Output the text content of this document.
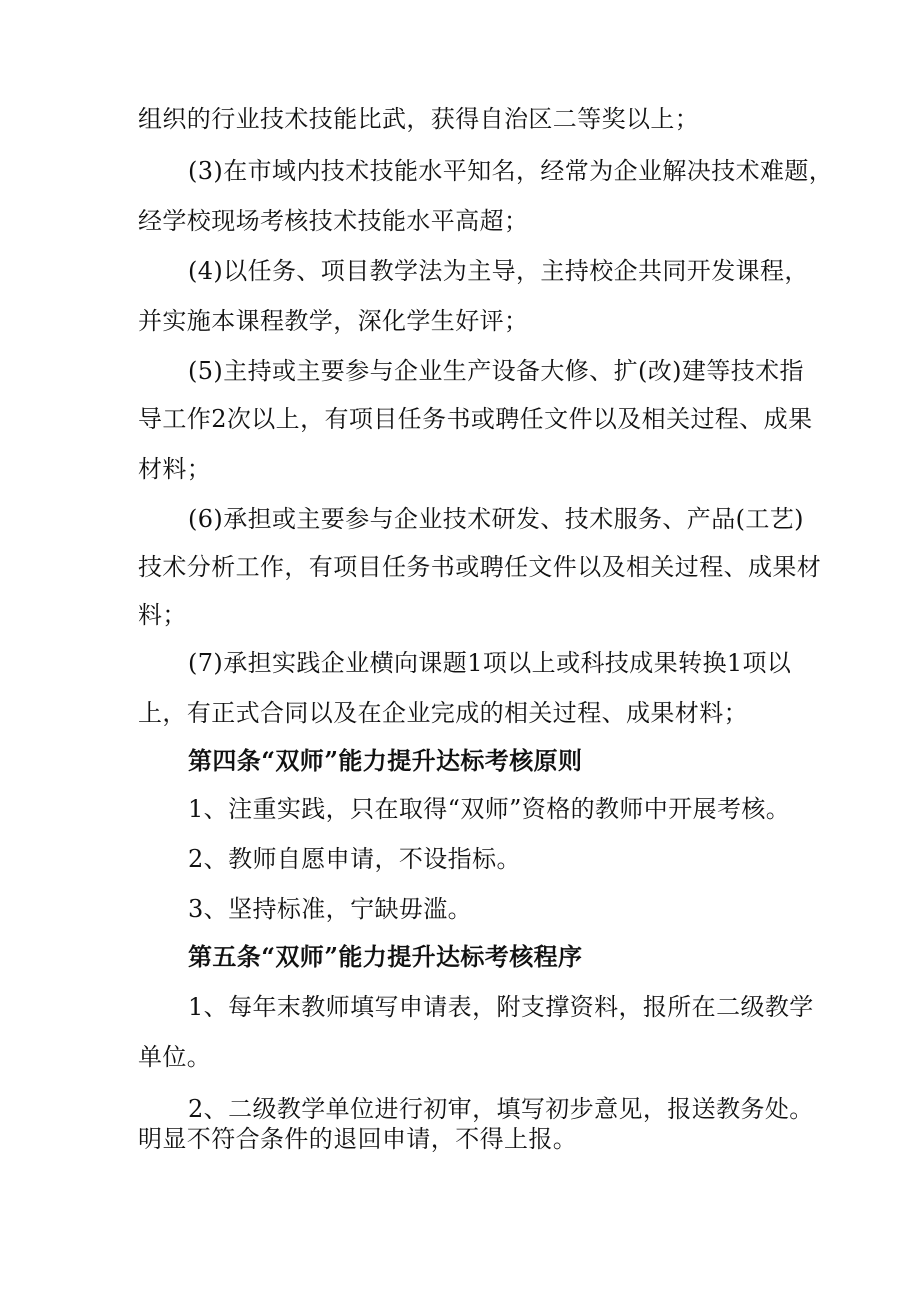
组织的行业技术技能比武，获得自治区二等奖以上；
(3)在市域内技术技能水平知名，经常为企业解决技术难题，
经学校现场考核技术技能水平高超；
(4)以任务、项目教学法为主导，主持校企共同开发课程，
并实施本课程教学，深化学生好评；
(5)主持或主要参与企业生产设备大修、扩(改)建等技术指
导工作2次以上，有项目任务书或聘任文件以及相关过程、成果
材料；
(6)承担或主要参与企业技术研发、技术服务、产品(工艺)
技术分析工作，有项目任务书或聘任文件以及相关过程、成果材
料；
(7)承担实践企业横向课题1项以上或科技成果转换1项以
上，有正式合同以及在企业完成的相关过程、成果材料；
第四条“双师”能力提升达标考核原则
1、注重实践，只在取得“双师”资格的教师中开展考核。
2、教师自愿申请，不设指标。
3、坚持标准，宁缺毋滥。
第五条“双师”能力提升达标考核程序
1、每年末教师填写申请表，附支撑资料，报所在二级教学
单位。
2、二级教学单位进行初审，填写初步意见，报送教务处。
明显不符合条件的退回申请，不得上报。
